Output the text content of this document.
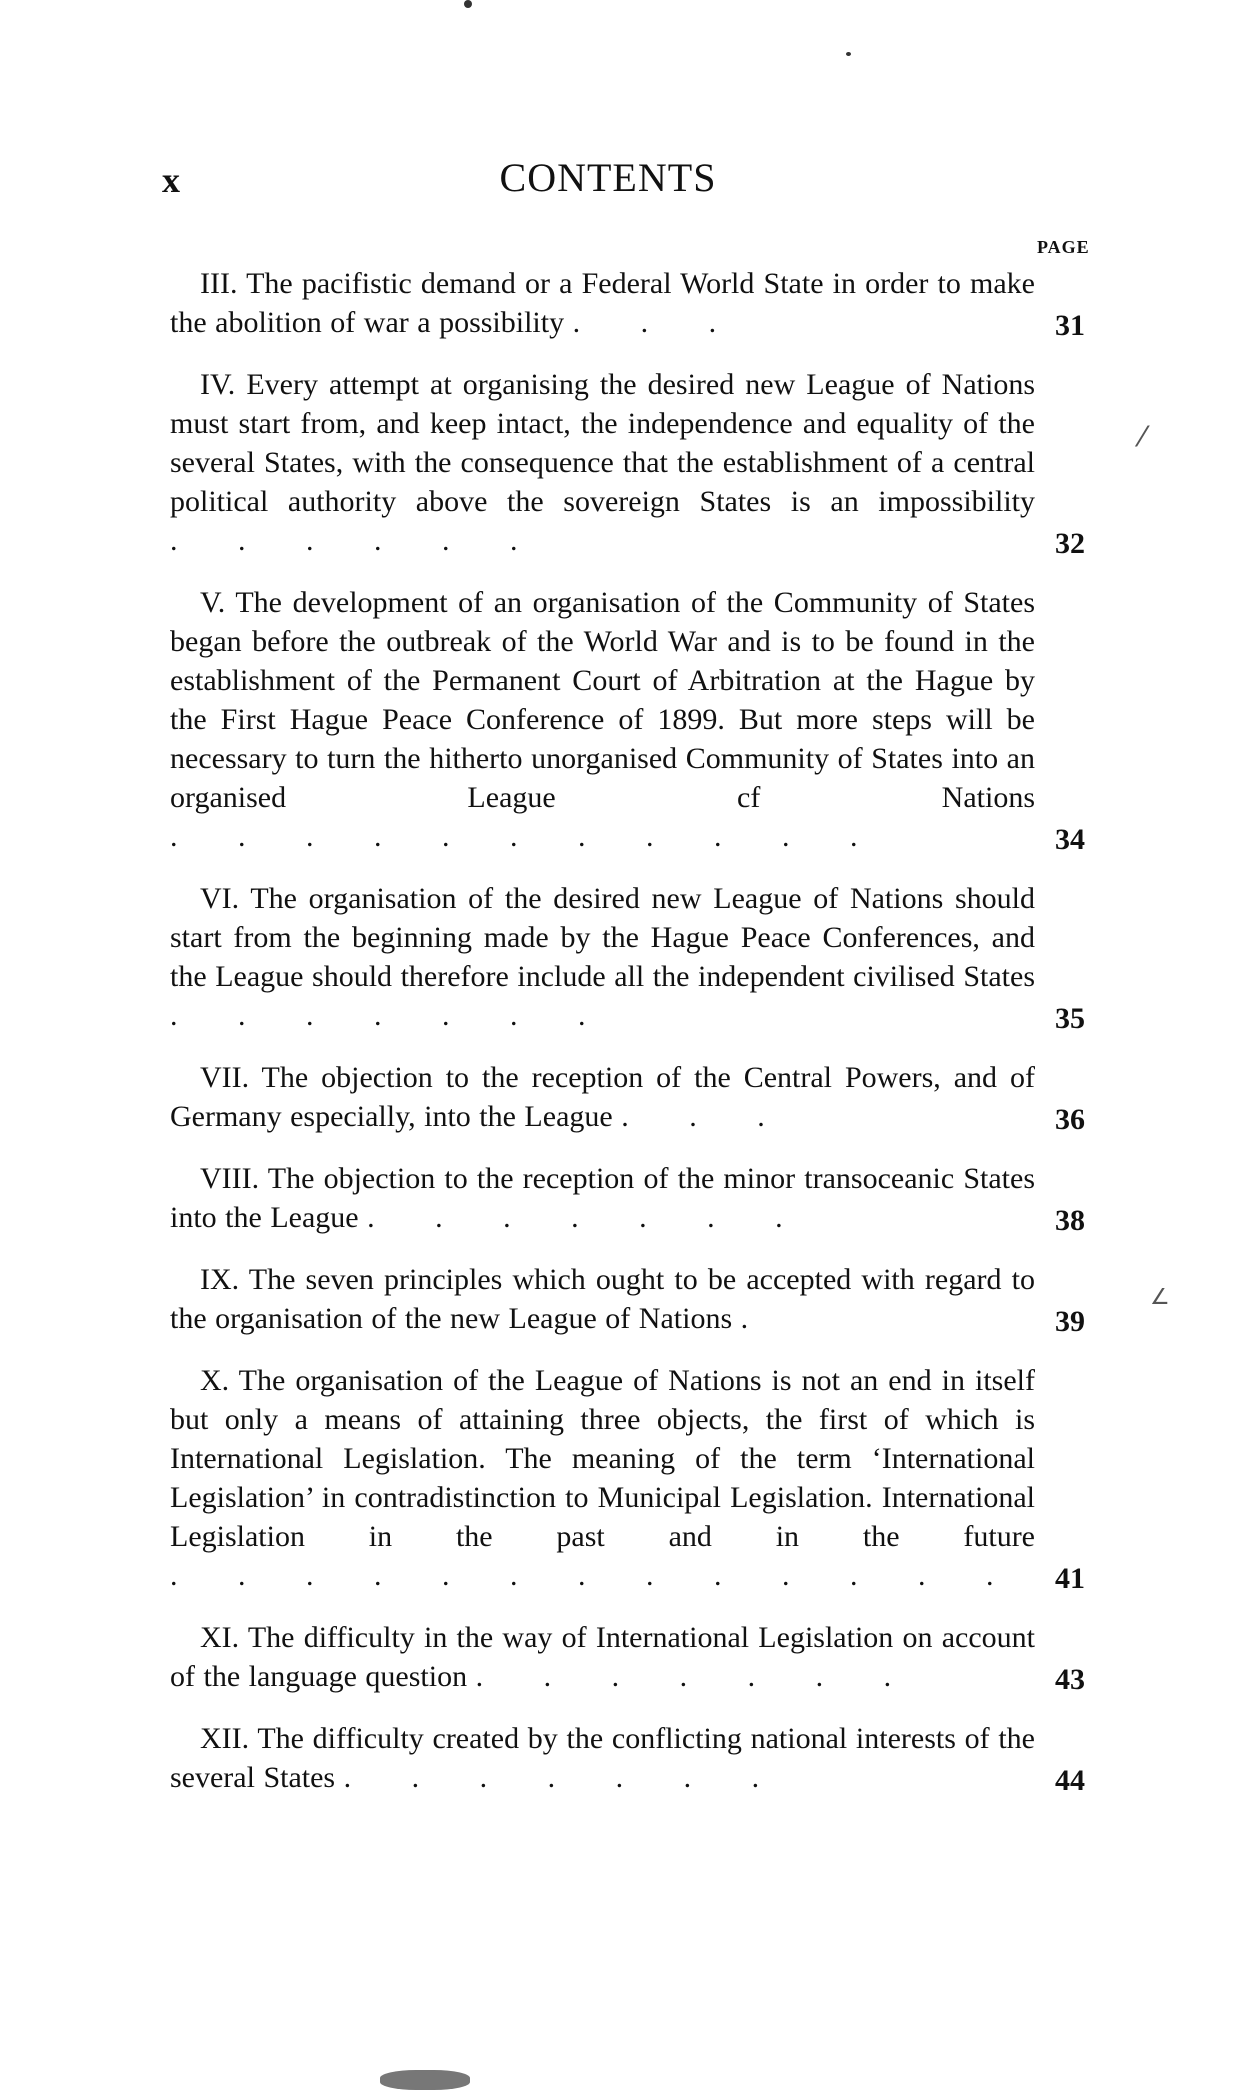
x	CONTENTS
PAGE
III. The pacifistic demand or a Federal World State in order to make the abolition of war a possibility . . .	31
IV. Every attempt at organising the desired new League of Nations must start from, and keep intact, the independence and equality of the several States, with the consequence that the establishment of a central political authority above the sovereign States is an impossibility . . . . . .	32
V. The development of an organisation of the Community of States began before the outbreak of the World War and is to be found in the establishment of the Permanent Court of Arbitration at the Hague by the First Hague Peace Conference of 1899. But more steps will be necessary to turn the hitherto unorganised Community of States into an organised League cf Nations . . . . . . . . . . .	34
VI. The organisation of the desired new League of Nations should start from the beginning made by the Hague Peace Conferences, and the League should therefore include all the independent civilised States . . . . . . .	35
VII. The objection to the reception of the Central Powers, and of Germany especially, into the League . . .	36
VIII. The objection to the reception of the minor transoceanic States into the League . . . . . . .	38
IX. The seven principles which ought to be accepted with regard to the organisation of the new League of Nations .	39
X. The organisation of the League of Nations is not an end in itself but only a means of attaining three objects, the first of which is International Legislation. The meaning of the term ‘International Legislation’ in contradistinction to Municipal Legislation. International Legislation in the past and in the future . . . . . . . . . . . . .	41
XI. The difficulty in the way of International Legislation on account of the language question . . . . . . .	43
XII. The difficulty created by the conflicting national interests of the several States . . . . . . .	44
⁄
∠
